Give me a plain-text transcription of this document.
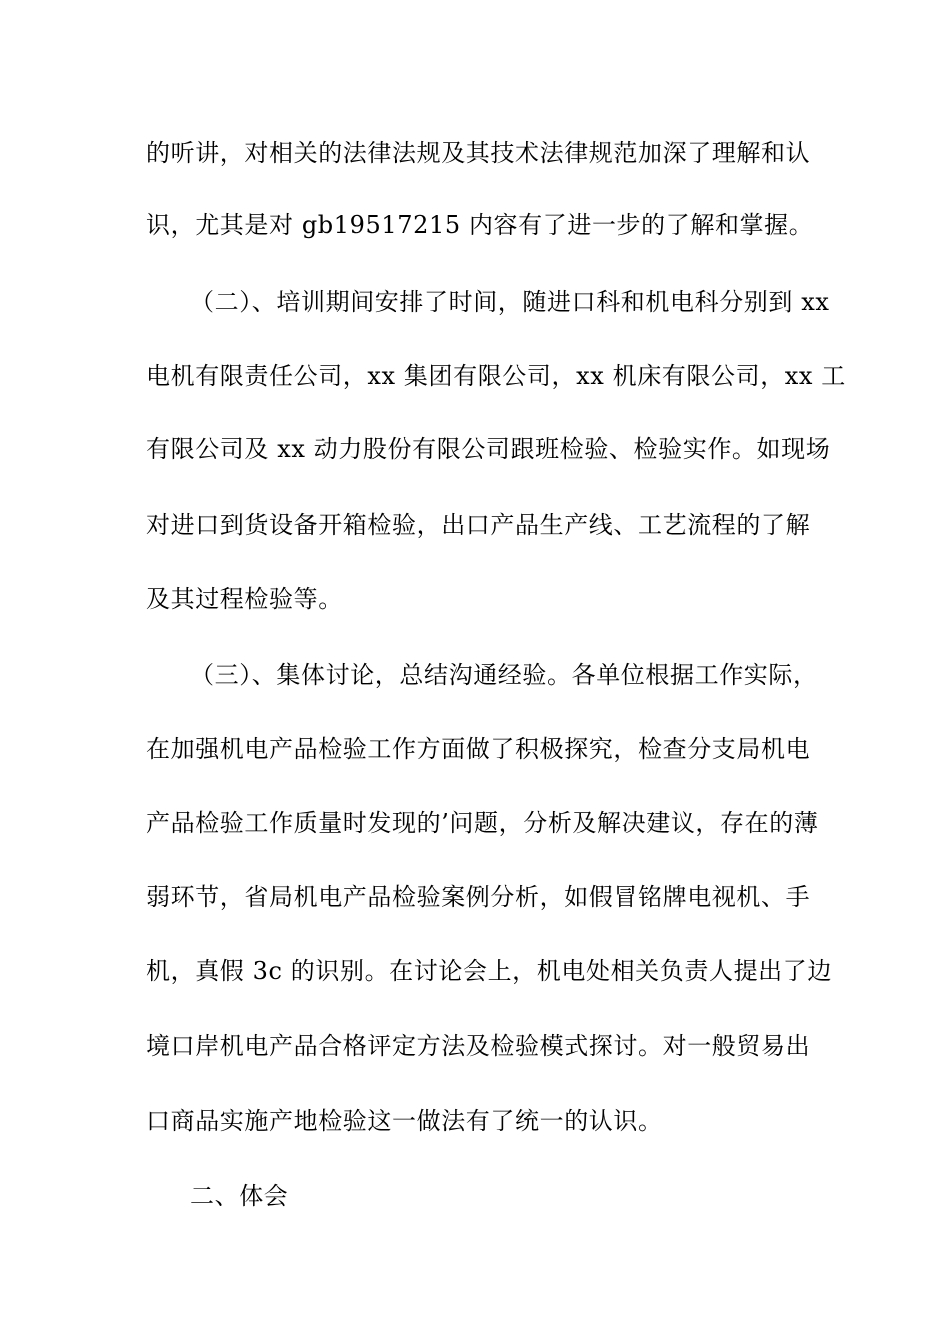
的听讲，对相关的法律法规及其技术法律规范加深了理解和认
识，尤其是对 gb19517215 内容有了进一步的了解和掌握。
（二）、培训期间安排了时间，随进口科和机电科分别到 xx
电机有限责任公司，xx 集团有限公司，xx 机床有限公司，xx 工
有限公司及 xx 动力股份有限公司跟班检验、检验实作。如现场
对进口到货设备开箱检验，出口产品生产线、工艺流程的了解
及其过程检验等。
（三）、集体讨论，总结沟通经验。各单位根据工作实际，
在加强机电产品检验工作方面做了积极探究，检查分支局机电
产品检验工作质量时发现的’问题，分析及解决建议，存在的薄
弱环节，省局机电产品检验案例分析，如假冒铭牌电视机、手
机，真假 3c 的识别。在讨论会上，机电处相关负责人提出了边
境口岸机电产品合格评定方法及检验模式探讨。对一般贸易出
口商品实施产地检验这一做法有了统一的认识。
二、体会
